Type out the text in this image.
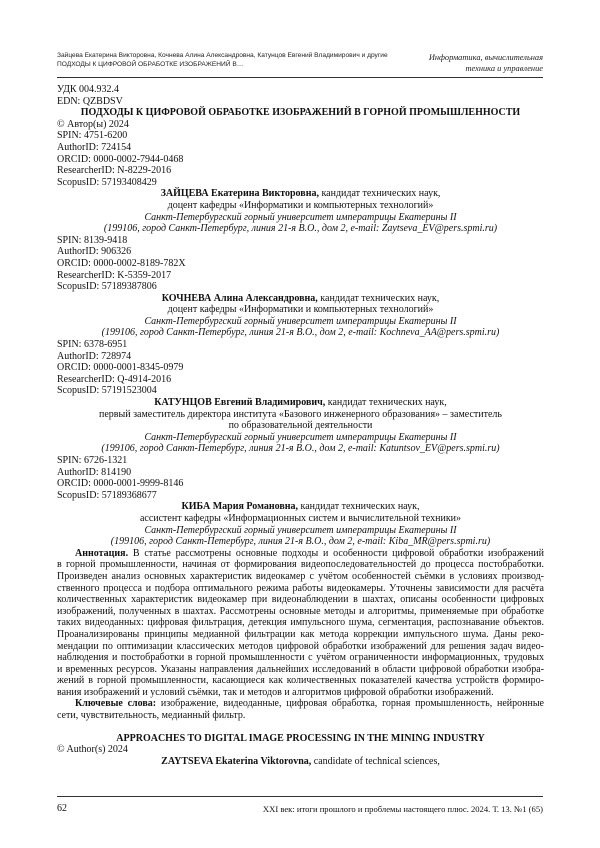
Зайцева Екатерина Викторовна, Кочнева Алина Александровна, Катунцов Евгений Владимирович и другие
ПОДХОДЫ К ЦИФРОВОЙ ОБРАБОТКЕ ИЗОБРАЖЕНИЙ В…
Информатика, вычислительная
техника и управление
УДК 004.932.4
EDN: QZBDSV
ПОДХОДЫ К ЦИФРОВОЙ ОБРАБОТКЕ ИЗОБРАЖЕНИЙ В ГОРНОЙ ПРОМЫШЛЕННОСТИ
© Автор(ы) 2024
SPIN: 4751-6200
AuthorID: 724154
ORCID: 0000-0002-7944-0468
ResearcherID: N-8229-2016
ScopusID: 57193408429
ЗАЙЦЕВА Екатерина Викторовна, кандидат технических наук,
доцент кафедры «Информатики и компьютерных технологий»
Санкт-Петербургский горный университет императрицы Екатерины II
(199106, город Санкт-Петербург, линия 21-я В.О., дом 2, e-mail: Zaytseva_EV@pers.spmi.ru)
SPIN: 8139-9418
AuthorID: 906326
ORCID: 0000-0002-8189-782X
ResearcherID: K-5359-2017
ScopusID: 57189387806
КОЧНЕВА Алина Александровна, кандидат технических наук,
доцент кафедры «Информатики и компьютерных технологий»
Санкт-Петербургский горный университет императрицы Екатерины II
(199106, город Санкт-Петербург, линия 21-я В.О., дом 2, e-mail: Kochneva_AA@pers.spmi.ru)
SPIN: 6378-6951
AuthorID: 728974
ORCID: 0000-0001-8345-0979
ResearcherID: Q-4914-2016
ScopusID: 57191523004
КАТУНЦОВ Евгений Владимирович, кандидат технических наук,
первый заместитель директора института «Базового инженерного образования» – заместитель
по образовательной деятельности
Санкт-Петербургский горный университет императрицы Екатерины II
(199106, город Санкт-Петербург, линия 21-я В.О., дом 2, e-mail: Katuntsov_EV@pers.spmi.ru)
SPIN: 6726-1321
AuthorID: 814190
ORCID: 0000-0001-9999-8146
ScopusID: 57189368677
КИБА Мария Романовна, кандидат технических наук,
ассистент кафедры «Информационных систем и вычислительной техники»
Санкт-Петербургский горный университет императрицы Екатерины II
(199106, город Санкт-Петербург, линия 21-я В.О., дом 2, e-mail: Kiba_MR@pers.spmi.ru)
Аннотация. В статье рассмотрены основные подходы и особенности цифровой обработки изображений
в горной промышленности, начиная от формирования видеопоследовательностей до процесса постобработки.
Произведен анализ основных характеристик видеокамер с учётом особенностей съёмки в условиях производ-
ственного процесса и подбора оптимального режима работы видеокамеры. Уточнены зависимости для расчёта
количественных характеристик видеокамер при видеонаблюдении в шахтах, описаны особенности цифровых
изображений, полученных в шахтах. Рассмотрены основные методы и алгоритмы, применяемые при обработке
таких видеоданных: цифровая фильтрация, детекция импульсного шума, сегментация, распознавание объектов.
Проанализированы принципы медианной фильтрации как метода коррекции импульсного шума. Даны реко-
мендации по оптимизации классических методов цифровой обработки изображений для решения задач видео-
наблюдения и постобработки в горной промышленности с учётом ограниченности информационных, трудовых
и временных ресурсов. Указаны направления дальнейших исследований в области цифровой обработки изобра-
жений в горной промышленности, касающиеся как количественных показателей качества устройств формиро-
вания изображений и условий съёмки, так и методов и алгоритмов цифровой обработки изображений.
Ключевые слова: изображение, видеоданные, цифровая обработка, горная промышленность, нейронные
сети, чувствительность, медианный фильтр.
APPROACHES TO DIGITAL IMAGE PROCESSING IN THE MINING INDUSTRY
© Author(s) 2024
ZAYTSEVA Ekaterina Viktorovna, candidate of technical sciences,
62	XXI век: итоги прошлого и проблемы настоящего плюс. 2024. Т. 13. №1 (65)
